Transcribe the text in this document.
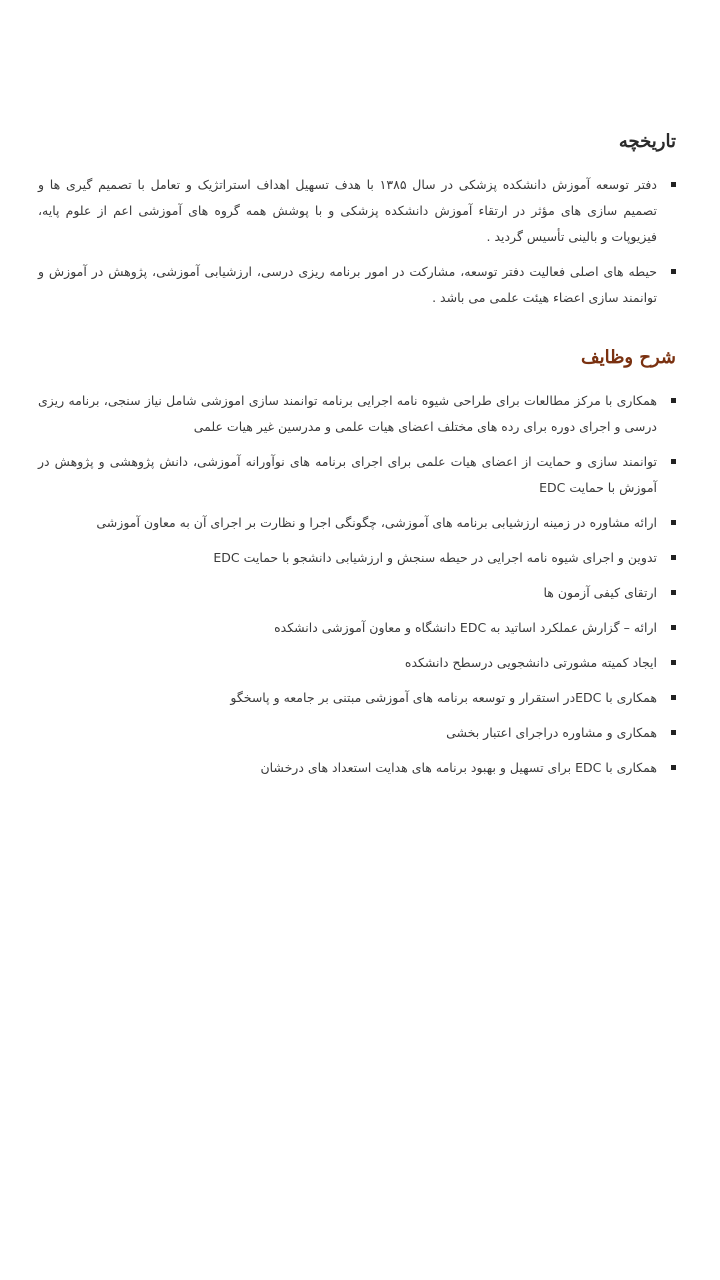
تاریخچه
دفتر توسعه آموزش دانشکده پزشکی در سال ۱۳۸۵ با هدف تسهیل اهداف استراتژیک و تعامل با تصمیم گیری ها و تصمیم سازی های مؤثر در ارتقاء آموزش دانشکده پزشکی و با پوشش همه گروه های آموزشی اعم از علوم پایه، فیزیوپات و بالینی تأسیس گردید .
حیطه های اصلی فعالیت دفتر توسعه، مشارکت در امور برنامه ریزی درسی، ارزشیابی آموزشی، پژوهش در آموزش و توانمند سازی اعضاء هیئت علمی می باشد .
شرح وظایف
همکاری با مرکز مطالعات برای طراحی شیوه نامه اجرایی برنامه توانمند سازی اموزشی شامل نیاز سنجی، برنامه ریزی درسی و اجرای دوره برای رده های مختلف اعضای هیات علمی و مدرسین غیر هیات علمی
توانمند سازی و حمایت از اعضای هیات علمی برای اجرای برنامه های نوآورانه آموزشی، دانش پژوهشی و پژوهش در آموزش با حمایت EDC
ارائه مشاوره در زمینه ارزشیابی برنامه های آموزشی، چگونگی اجرا و نظارت بر اجرای آن به معاون آموزشی
تدوین و اجرای شیوه نامه اجرایی در حیطه سنجش و ارزشیابی دانشجو با حمایت EDC
ارتقای کیفی آزمون ها
ارائه – گزارش عملکرد اساتید به EDC دانشگاه و معاون آموزشی دانشکده
ایجاد کمیته مشورتی دانشجویی درسطح دانشکده
همکاری با EDCدر استقرار و توسعه برنامه های آموزشی مبتنی بر جامعه و پاسخگو
همکاری و مشاوره دراجرای اعتبار بخشی
همکاری با EDC برای تسهیل و بهبود برنامه های هدایت استعداد های درخشان
